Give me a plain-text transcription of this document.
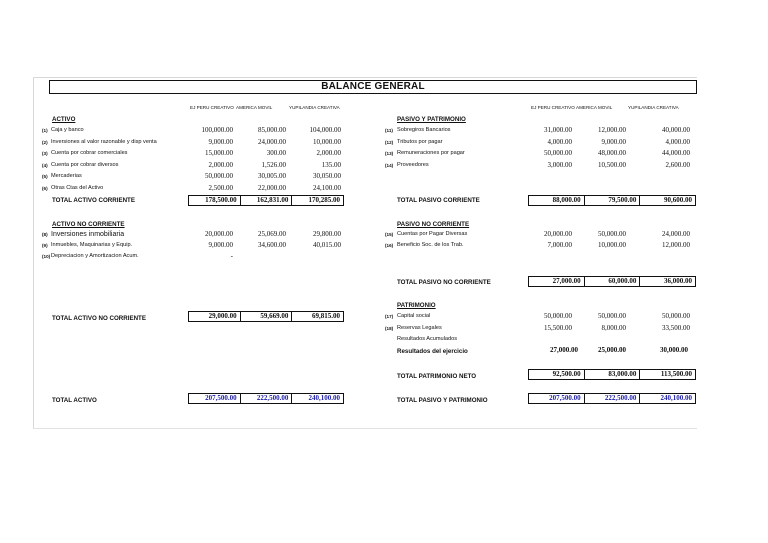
BALANCE GENERAL
EJ PERU CREATIVO AMERICA MOVIL	YUPILANDIA CREATIVA	EJ PERU CREATIVO AMERICA MOVIL	YUPILANDIA CREATIVA
ACTIVO
(1) Caja y banco	100,000.00	85,000.00	104,000.00
(2) Inversiones al valor razonable y disp venta	9,000.00	24,000.00	10,000.00
(3) Cuenta por cobrar comerciales	15,000.00	300.00	2,000.00
(4) Cuenta por cobrar diversos	2,000.00	1,526.00	135.00
(5) Mercaderias	50,000.00	30,005.00	30,050.00
(6) Otras Ctas del Activo	2,500.00	22,000.00	24,100.00
TOTAL ACTIVO CORRIENTE	178,500.00	162,831.00	170,285.00
ACTIVO NO CORRIENTE
(8) Inversiones inmobiliaria	20,000.00	25,069.00	29,800.00
(9) Inmuebles, Maquinarias y Equip.	9,000.00	34,600.00	40,015.00
(10) Depreciacion y Amortizacion Acum.	-
TOTAL ACTIVO NO CORRIENTE	29,000.00	59,669.00	69,815.00
TOTAL ACTIVO	207,500.00	222,500.00	240,100.00
PASIVO Y PATRIMONIO
(11) Sobregiros Bancarios	31,000.00	12,000.00	40,000.00
(12) Tributos por pagar	4,000.00	9,000.00	4,000.00
(13) Remuneraciones por pagar	50,000.00	48,000.00	44,000.00
(14) Proveedores	3,000.00	10,500.00	2,600.00
TOTAL PASIVO CORRIENTE	88,000.00	79,500.00	90,600.00
PASIVO NO CORRIENTE
(15) Cuentas por Pagar Diversas	20,000.00	50,000.00	24,000.00
(16) Beneficio Soc. de los Trab.	7,000.00	10,000.00	12,000.00
TOTAL PASIVO NO CORRIENTE	27,000.00	60,000.00	36,000.00
PATRIMONIO
(17) Capital social	50,000.00	50,000.00	50,000.00
(18) Reservas Legales	15,500.00	8,000.00	33,500.00
Resultados Acumulados
Resultados del ejercicio	27,000.00	25,000.00	30,000.00
TOTAL PATRIMONIO NETO	92,500.00	83,000.00	113,500.00
TOTAL PASIVO Y PATRIMONIO	207,500.00	222,500.00	240,100.00
